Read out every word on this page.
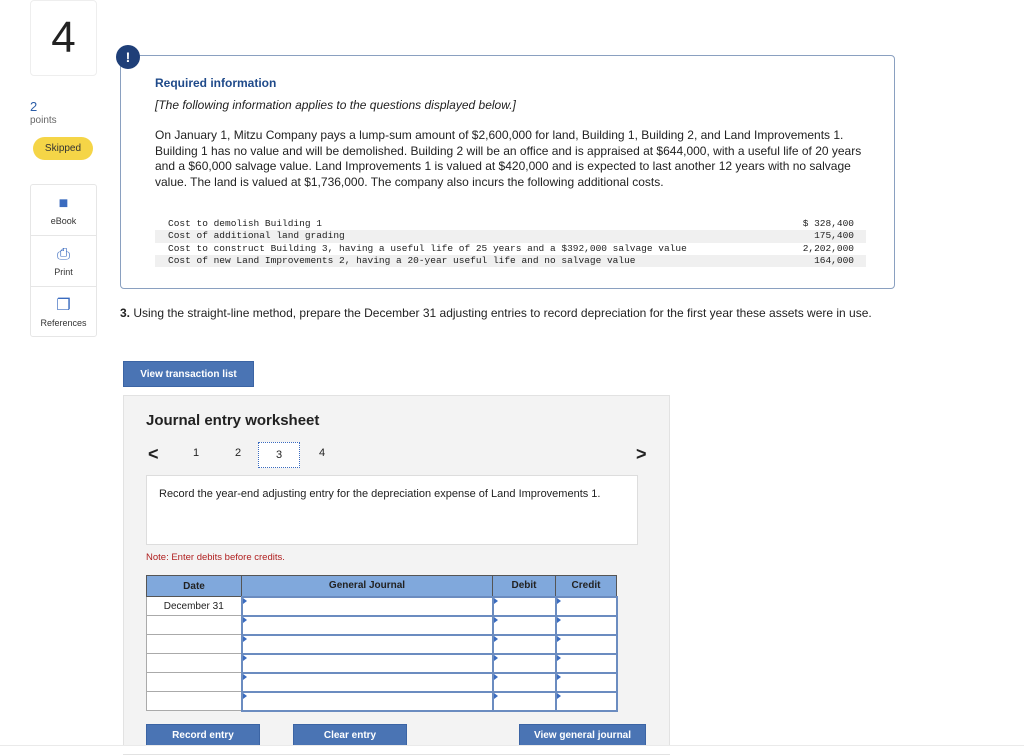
4
2
points
Skipped
■
eBook
⎙
Print
❐
References
!
Required information
[The following information applies to the questions displayed below.]
On January 1, Mitzu Company pays a lump-sum amount of $2,600,000 for land, Building 1, Building 2, and Land Improvements 1. Building 1 has no value and will be demolished. Building 2 will be an office and is appraised at $644,000, with a useful life of 20 years and a $60,000 salvage value. Land Improvements 1 is valued at $420,000 and is expected to last another 12 years with no salvage value. The land is valued at $1,736,000. The company also incurs the following additional costs.
Cost to demolish Building 1	$ 328,400
Cost of additional land grading	175,400
Cost to construct Building 3, having a useful life of 25 years and a $392,000 salvage value	2,202,000
Cost of new Land Improvements 2, having a 20-year useful life and no salvage value	164,000
3. Using the straight-line method, prepare the December 31 adjusting entries to record depreciation for the first year these assets were in use.
View transaction list
Journal entry worksheet
<	1	2	3	4	>
Record the year-end adjusting entry for the depreciation expense of Land Improvements 1.
Note: Enter debits before credits.
Date	General Journal	Debit	Credit
December 31			

Record entry	Clear entry	View general journal
